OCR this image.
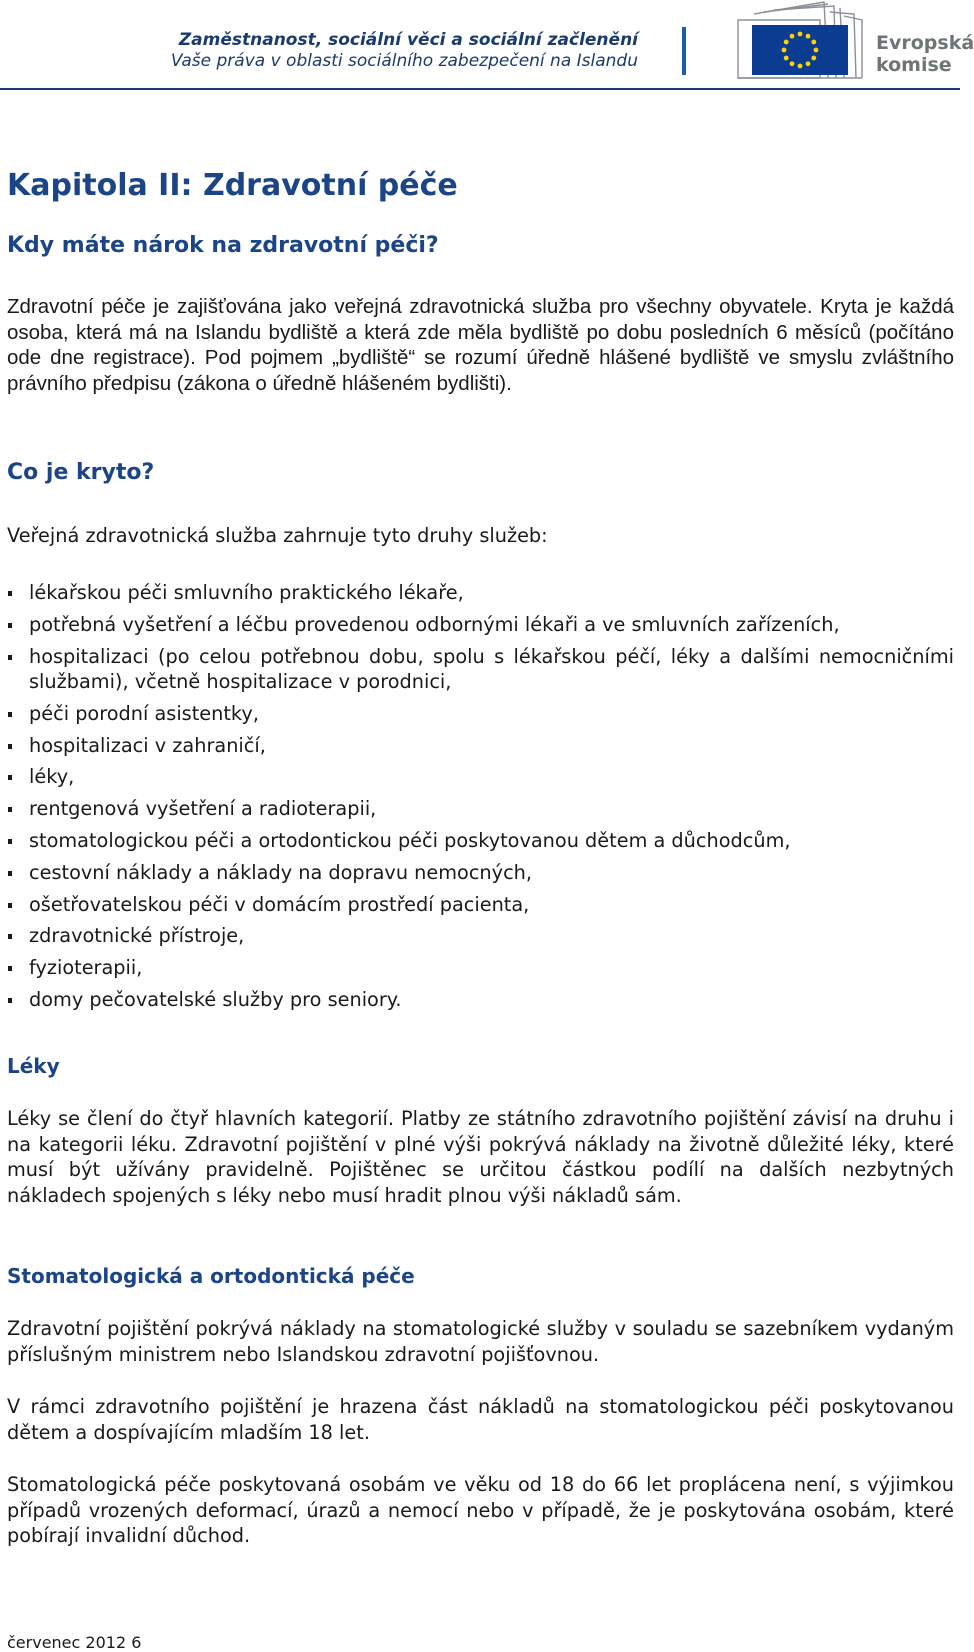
Zaměstnanost, sociální věci a sociální začlenění
Vaše práva v oblasti sociálního zabezpečení na Islandu
Evropská
komise
Kapitola II: Zdravotní péče
Kdy máte nárok na zdravotní péči?

Zdravotní péče je zajišťována jako veřejná zdravotnická služba pro všechny obyvatele. Kryta je každá osoba, která má na Islandu bydliště a která zde měla bydliště po dobu posledních 6 měsíců (počítáno ode dne registrace). Pod pojmem „bydliště“ se rozumí úředně hlášené bydliště ve smyslu zvláštního právního předpisu (zákona o úředně hlášeném bydlišti).

Co je kryto?

Veřejná zdravotnická služba zahrnuje tyto druhy služeb:

lékařskou péči smluvního praktického lékaře,
potřebná vyšetření a léčbu provedenou odbornými lékaři a ve smluvních zařízeních,
hospitalizaci (po celou potřebnou dobu, spolu s lékařskou péčí, léky a dalšími nemocničními službami), včetně hospitalizace v porodnici,
péči porodní asistentky,
hospitalizaci v zahraničí,
léky,
rentgenová vyšetření a radioterapii,
stomatologickou péči a ortodontickou péči poskytovanou dětem a důchodcům,
cestovní náklady a náklady na dopravu nemocných,
ošetřovatelskou péči v domácím prostředí pacienta,
zdravotnické přístroje,
fyzioterapii,
domy pečovatelské služby pro seniory.
Léky

Léky se člení do čtyř hlavních kategorií. Platby ze státního zdravotního pojištění závisí na druhu i na kategorii léku. Zdravotní pojištění v plné výši pokrývá náklady na životně důležité léky, které musí být užívány pravidelně. Pojištěnec se určitou částkou podílí na dalších nezbytných nákladech spojených s léky nebo musí hradit plnou výši nákladů sám.

Stomatologická a ortodontická péče

Zdravotní pojištění pokrývá náklady na stomatologické služby v souladu se sazebníkem vydaným příslušným ministrem nebo Islandskou zdravotní pojišťovnou.

V rámci zdravotního pojištění je hrazena část nákladů na stomatologickou péči poskytovanou dětem a dospívajícím mladším 18 let.

Stomatologická péče poskytovaná osobám ve věku od 18 do 66 let proplácena není, s výjimkou případů vrozených deformací, úrazů a nemocí nebo v případě, že je poskytována osobám, které pobírají invalidní důchod.

červenec 2012 6
